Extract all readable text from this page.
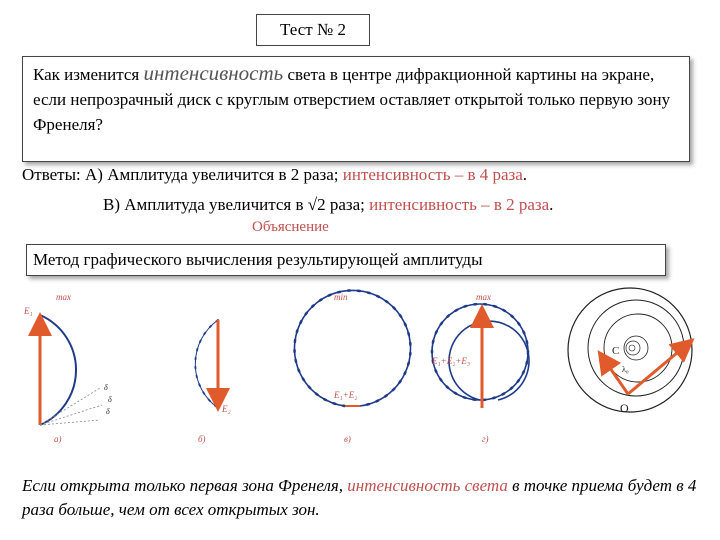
Тест № 2
Как изменится интенсивность света в центре дифракционной картины на экране, если непрозрачный диск с круглым отверстием оставляет открытой только первую зону Френеля?
Ответы: А) Амплитуда увеличится в 2 раза; интенсивность – в 4 раза.
В) Амплитуда увеличится в √2 раза; интенсивность – в 2 раза.
Объяснение
Метод графического вычисления результирующей амплитуды
max
E₁
δ
δ
δ
а)
E₂
б)
E₁+E₂
min
в)
E₁+E₂+E₃
max
г)
C
λ₀
O
Если открыта только первая зона Френеля, интенсивность света в точке приема будет в 4 раза больше, чем от всех открытых зон.
